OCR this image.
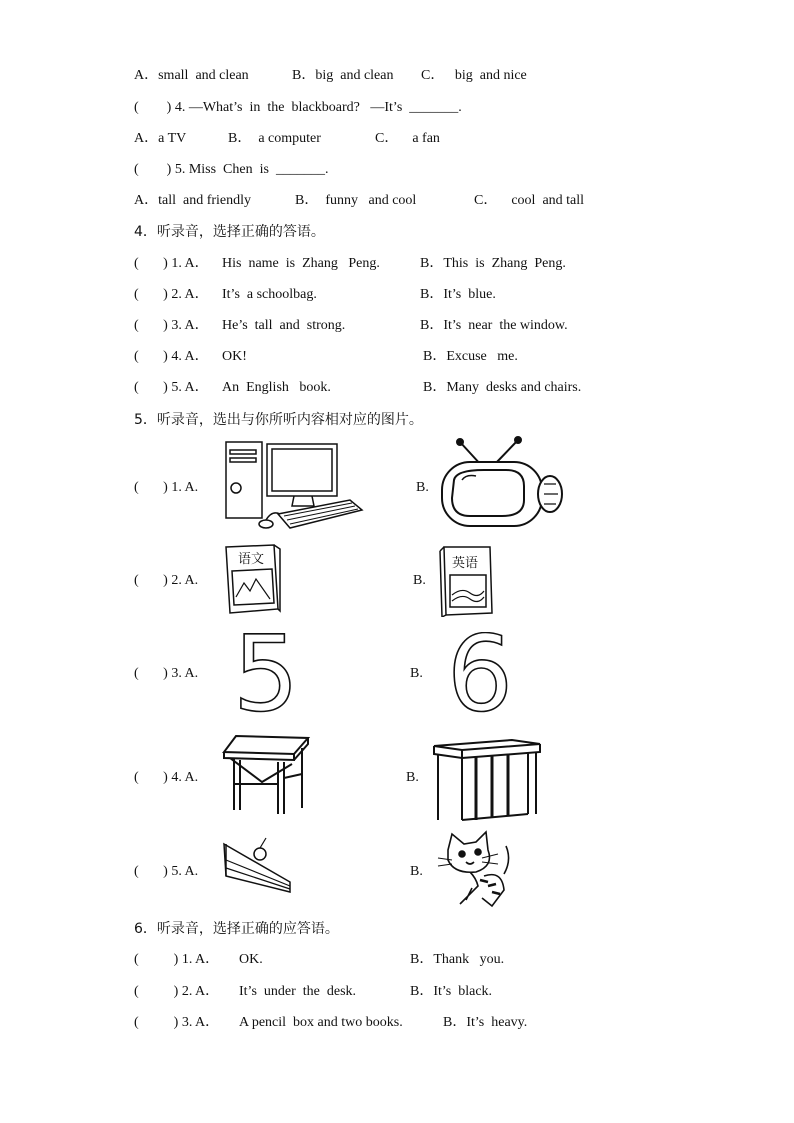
A．small  and clean	B．big  and clean C．   big  and nice
(        ) 4. —What’s  in  the  blackboard?   —It’s  _______.
A．a TV	B．  a computer	C．    a fan
(        ) 5. Miss  Chen  is  _______.
A．tall  and friendly	B．  funny   and cool	C．    cool  and tall
4．听录音，选择正确的答语。
(       ) 1. A． His  name  is  Zhang   Peng.	B．This  is  Zhang  Peng.
(       ) 2. A． It’s  a schoolbag.	B．It’s  blue.
(       ) 3. A． He’s  tall  and  strong.	B．It’s  near  the window.
(       ) 4. A． OK!	B．Excuse   me.
(       ) 5. A． An  English   book.	B．Many  desks and chairs.
5．听录音，选出与你所听内容相对应的图片。
(       ) 1. A.	B.
(       ) 2. A.	B.
语文	英语
(       ) 3. A.	B.
5 6
(       ) 4. A.	B.
(       ) 5. A.	B.
6．听录音，选择正确的应答语。
(          ) 1. A． OK.	B．Thank   you.
(          ) 2. A． It’s  under  the  desk.	B．It’s  black.
(          ) 3. A． A pencil  box and two books.	B．It’s  heavy.
